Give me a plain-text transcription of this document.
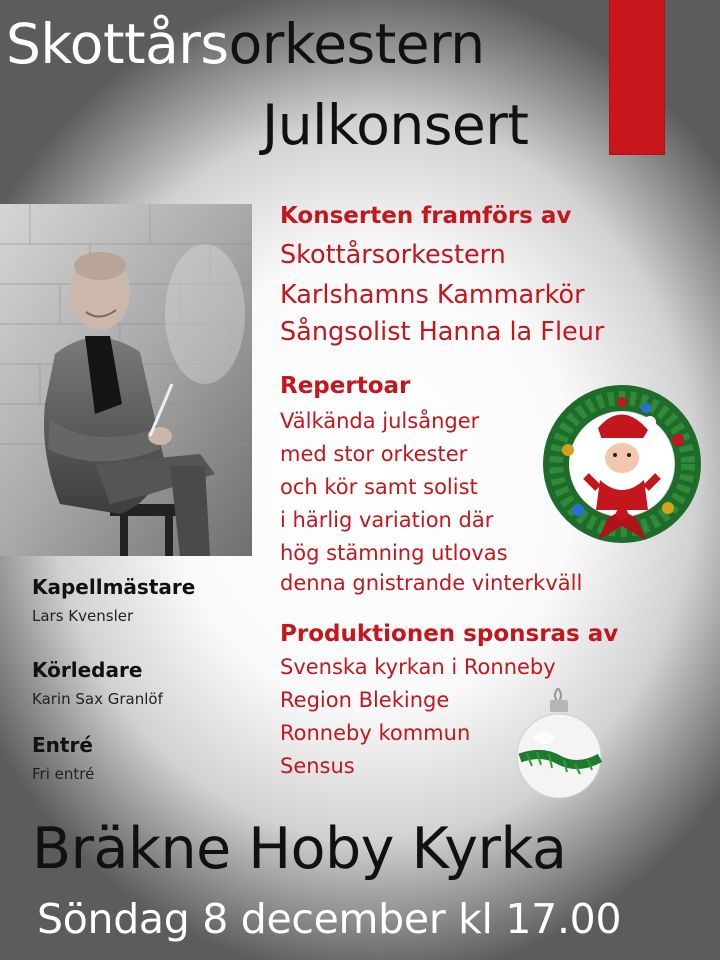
Skottårsorkestern
Julkonsert
Konserten framförs av
Skottårsorkestern
Karlshamns Kammarkör
Sångsolist Hanna la Fleur
Repertoar
Välkända julsånger
med stor orkester
och kör samt solist
i härlig variation där
hög stämning utlovas
denna gnistrande vinterkväll
Produktionen sponsras av
Svenska kyrkan i Ronneby
Region Blekinge
Ronneby kommun
Sensus
Kapellmästare
Lars Kvensler
Körledare
Karin Sax Granlöf
Entré
Fri entré
Bräkne Hoby Kyrka
Söndag 8 december kl 17.00
